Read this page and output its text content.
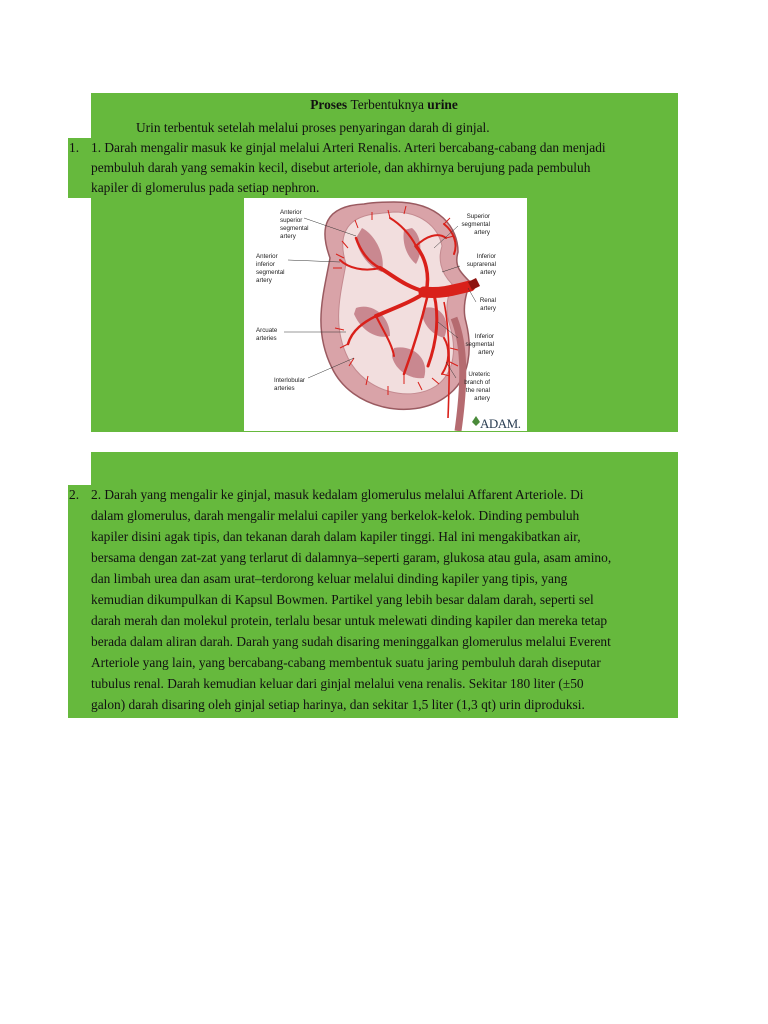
Proses Terbentuknya urine
Urin terbentuk setelah melalui proses penyaringan darah di ginjal.
1. 1. Darah mengalir masuk ke ginjal melalui Arteri Renalis. Arteri bercabang-cabang dan menjadi
pembuluh darah yang semakin kecil, disebut arteriole, dan akhirnya berujung pada pembuluh
kapiler di glomerulus pada setiap nephron.
Anterior superior segmental artery
Anterior inferior segmental artery
Arcuate arteries
Interlobular arteries
Superior segmental artery
Inferior suprarenal artery
Renal artery
Inferior segmental artery
Ureteric branch of the renal artery
ADAM.
2. 2. Darah yang mengalir ke ginjal, masuk kedalam glomerulus melalui Affarent Arteriole. Di
dalam glomerulus, darah mengalir melalui capiler yang berkelok-kelok. Dinding pembuluh
kapiler disini agak tipis, dan tekanan darah dalam kapiler tinggi. Hal ini mengakibatkan air,
bersama dengan zat-zat yang terlarut di dalamnya–seperti garam, glukosa atau gula, asam amino,
dan limbah urea dan asam urat–terdorong keluar melalui dinding kapiler yang tipis, yang
kemudian dikumpulkan di Kapsul Bowmen. Partikel yang lebih besar dalam darah, seperti sel
darah merah dan molekul protein, terlalu besar untuk melewati dinding kapiler dan mereka tetap
berada dalam aliran darah. Darah yang sudah disaring meninggalkan glomerulus melalui Everent
Arteriole yang lain, yang bercabang-cabang membentuk suatu jaring pembuluh darah diseputar
tubulus renal. Darah kemudian keluar dari ginjal melalui vena renalis. Sekitar 180 liter (±50
galon) darah disaring oleh ginjal setiap harinya, dan sekitar 1,5 liter (1,3 qt) urin diproduksi.
